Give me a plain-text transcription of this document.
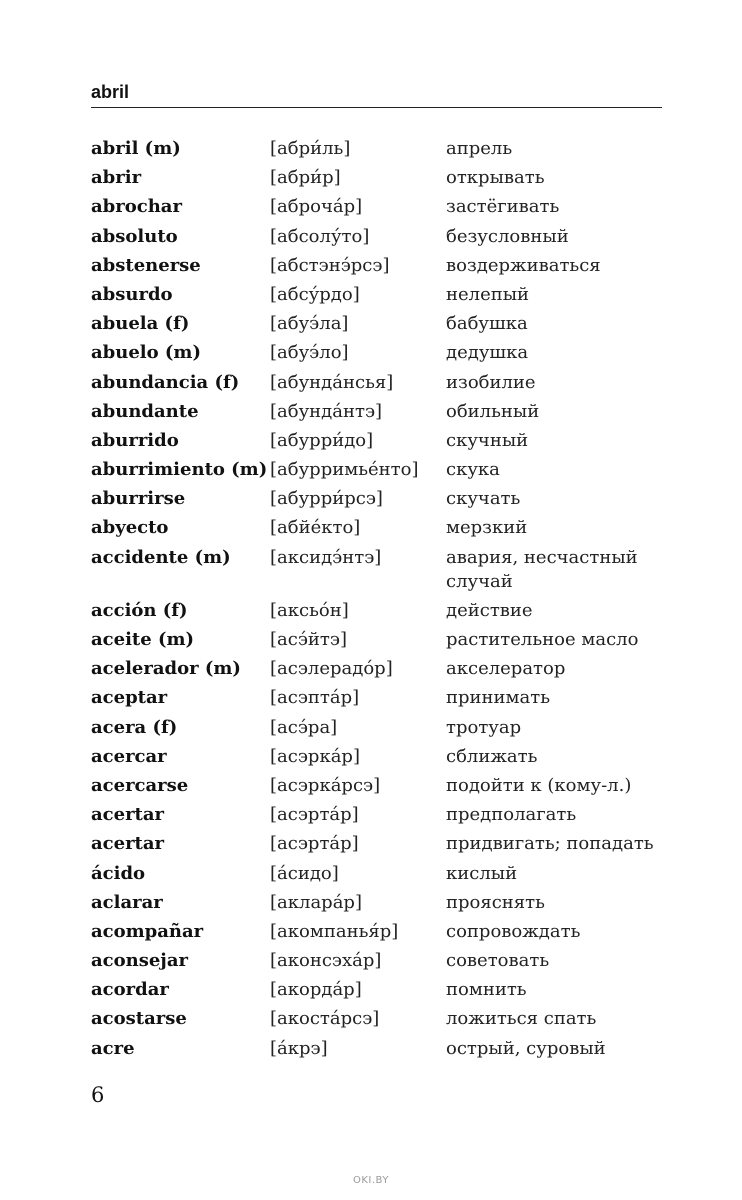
abril
abril (m)	[абри́ль]	апрель
abrir	[абри́р]	открывать
abrochar	[аброча́р]	застёгивать
absoluto	[абсолу́то]	безусловный
abstenerse	[абстэнэ́рсэ]	воздерживаться
absurdo	[абсу́рдо]	нелепый
abuela (f)	[абуэ́ла]	бабушка
abuelo (m)	[абуэ́ло]	дедушка
abundancia (f)	[абунда́нсья]	изобилие
abundante	[абунда́нтэ]	обильный
aburrido	[абурри́до]	скучный
aburrimiento (m) [абурримье́нто]	скука
aburrirse	[абурри́рсэ]	скучать
abyecto	[абйе́кто]	мерзкий
accidente (m)	[аксидэ́нтэ]	авария, несчастный случай
acción (f)	[аксьо́н]	действие
aceite (m)	[асэ́йтэ]	растительное масло
acelerador (m)	[асэлерадо́р]	акселератор
aceptar	[асэпта́р]	принимать
acera (f)	[асэ́ра]	тротуар
acercar	[асэрка́р]	сближать
acercarse	[асэрка́рсэ]	подойти к (кому-л.)
acertar	[асэрта́р]	предполагать
acertar	[асэрта́р]	придвигать; попадать
ácido	[а́сидо]	кислый
aclarar	[аклара́р]	прояснять
acompañar	[акомпанья́р]	сопровождать
aconsejar	[аконсэха́р]	советовать
acordar	[акорда́р]	помнить
acostarse	[акоста́рсэ]	ложиться спать
acre	[а́крэ]	острый, суровый
6
OKI.BY
